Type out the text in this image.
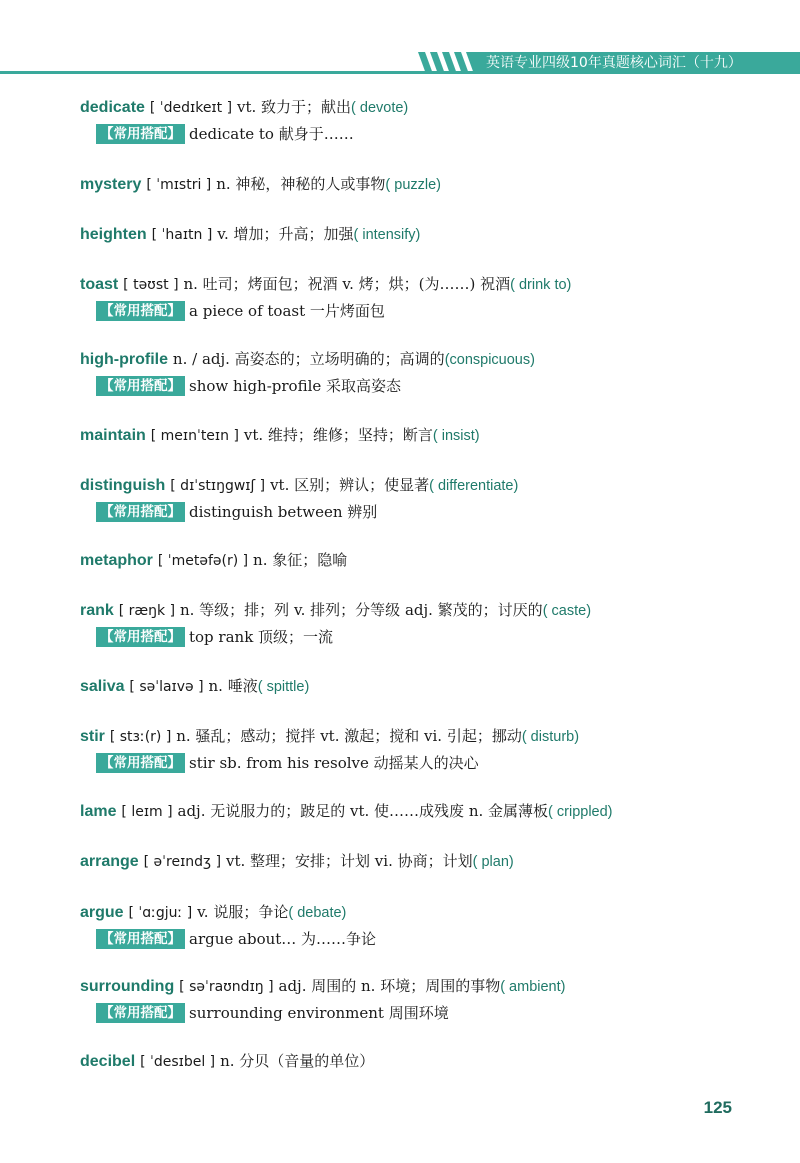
英语专业四级10年真题核心词汇（十九）
dedicate [ ˈdedɪkeɪt ] vt. 致力于；献出( devote)
【常用搭配】 dedicate to 献身于……
mystery [ ˈmɪstri ] n. 神秘，神秘的人或事物( puzzle)
heighten [ ˈhaɪtn ] v. 增加；升高；加强( intensify)
toast [ təʊst ] n. 吐司；烤面包；祝酒 v. 烤；烘；(为……) 祝酒( drink to)
【常用搭配】 a piece of toast 一片烤面包
high-profile n. / adj. 高姿态的；立场明确的；高调的(conspicuous)
【常用搭配】 show high-profile 采取高姿态
maintain [ meɪnˈteɪn ] vt. 维持；维修；坚持；断言( insist)
distinguish [ dɪˈstɪŋgwɪʃ ] vt. 区别；辨认；使显著( differentiate)
【常用搭配】 distinguish between 辨别
metaphor [ ˈmetəfə(r) ] n. 象征；隐喻
rank [ ræŋk ] n. 等级；排；列 v. 排列；分等级 adj. 繁茂的；讨厌的( caste)
【常用搭配】 top rank 顶级；一流
saliva [ səˈlaɪvə ] n. 唾液( spittle)
stir [ stɜː(r) ] n. 骚乱；感动；搅拌 vt. 激起；搅和 vi. 引起；挪动( disturb)
【常用搭配】 stir sb. from his resolve 动摇某人的决心
lame [ leɪm ] adj. 无说服力的；跛足的 vt. 使……成残废 n. 金属薄板( crippled)
arrange [ əˈreɪndʒ ] vt. 整理；安排；计划 vi. 协商；计划( plan)
argue [ ˈɑːgjuː ] v. 说服；争论( debate)
【常用搭配】 argue about… 为……争论
surrounding [ səˈraʊndɪŋ ] adj. 周围的 n. 环境；周围的事物( ambient)
【常用搭配】 surrounding environment 周围环境
decibel [ ˈdesɪbel ] n. 分贝（音量的单位）
125
